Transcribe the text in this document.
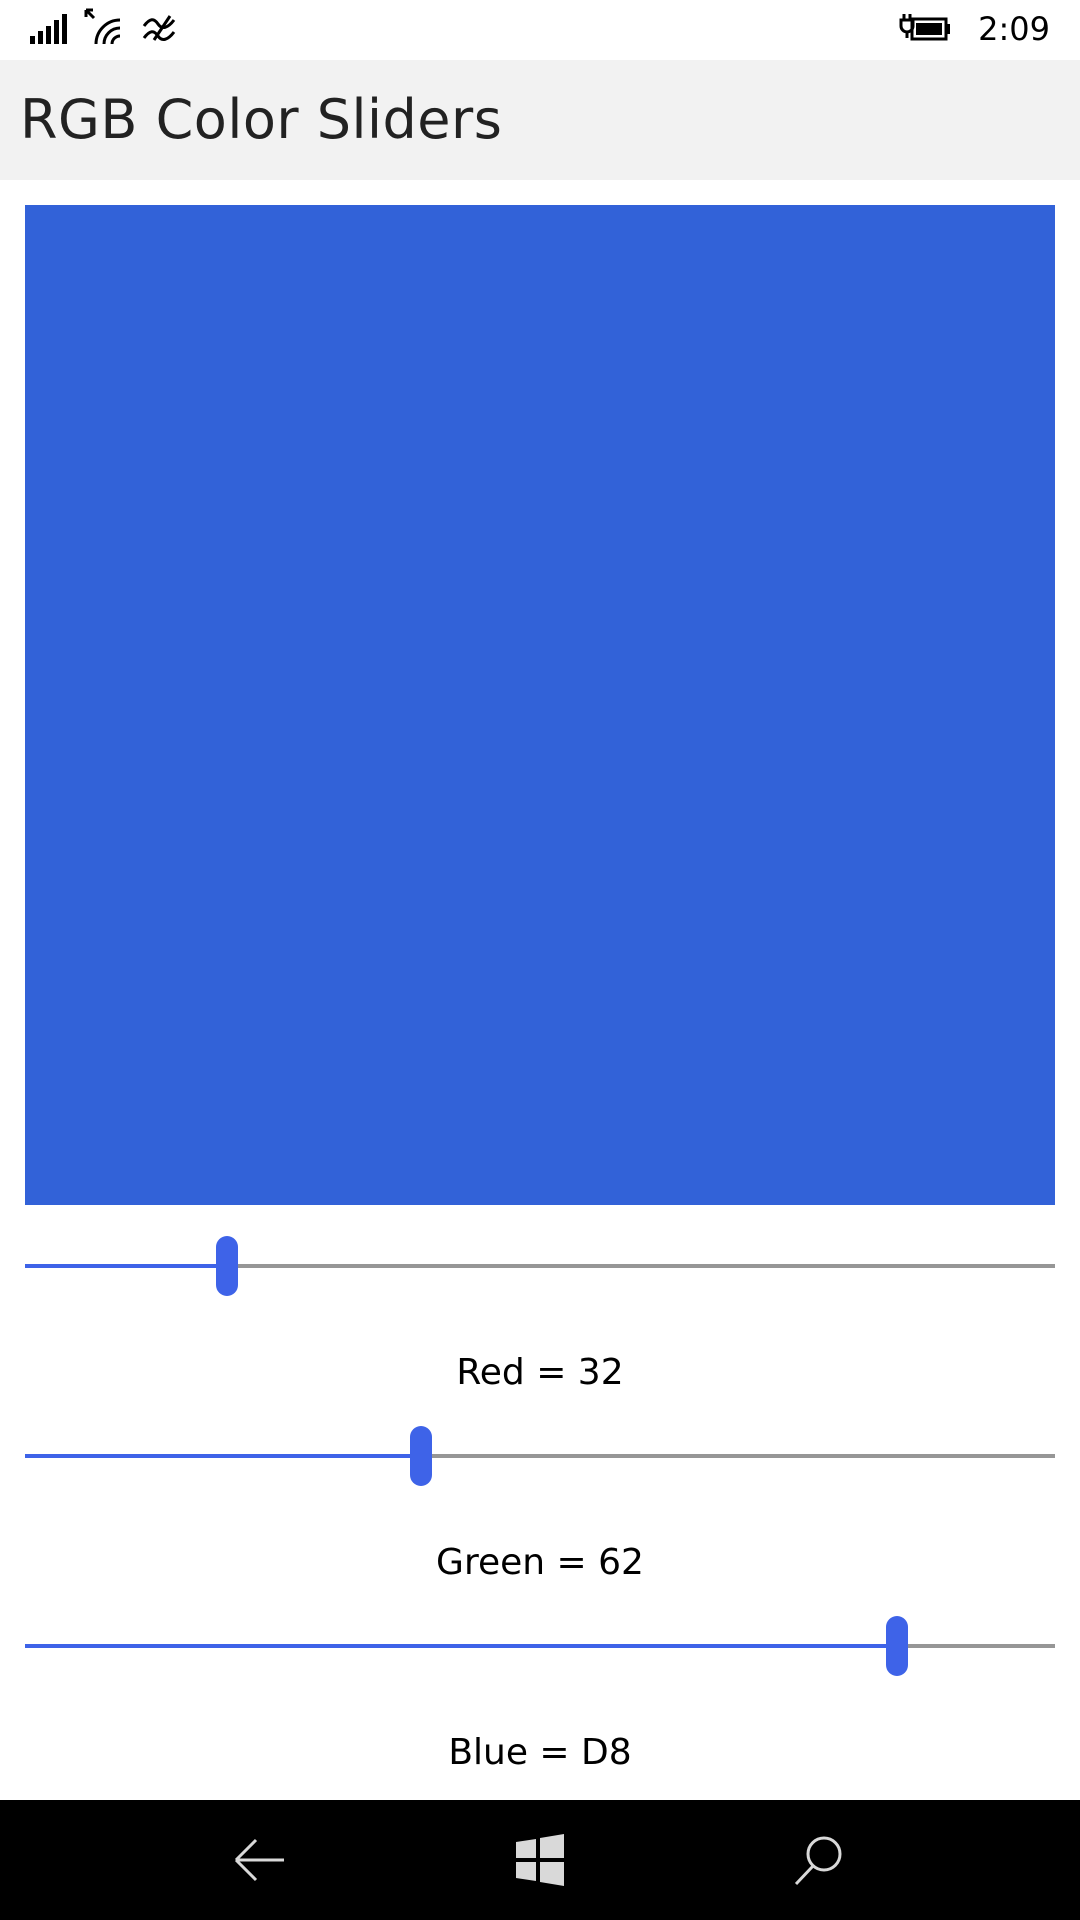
2:09
RGB Color Sliders
Red = 32
Green = 62
Blue = D8
